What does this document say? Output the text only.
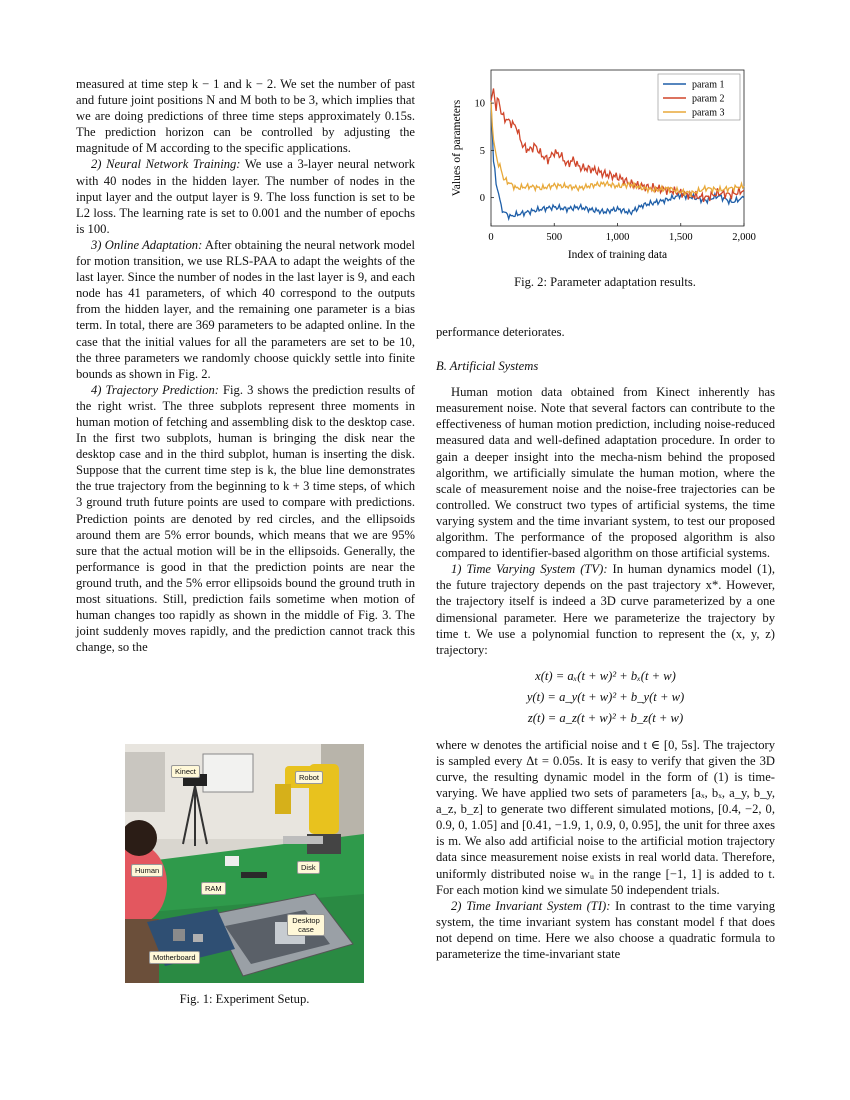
measured at time step k − 1 and k − 2. We set the number of past and future joint positions N and M both to be 3, which implies that we are doing predictions of three time steps approximately 0.15s. The prediction horizon can be controlled by adjusting the magnitude of M according to the specific applications.

2) Neural Network Training: We use a 3-layer neural network with 40 nodes in the hidden layer. The number of nodes in the input layer and the output layer is 9. The loss function is set to be L2 loss. The learning rate is set to 0.001 and the number of epochs is 100.

3) Online Adaptation: After obtaining the neural network model for motion transition, we use RLS-PAA to adapt the weights of the last layer. Since the number of nodes in the last layer is 9, and each node has 41 parameters, of which 40 correspond to the outputs from the hidden layer, and the remaining one parameter is a bias term. In total, there are 369 parameters to be adapted online. In the case that the initial values for all the parameters are set to be 10, the three parameters we randomly choose quickly settle into finite bounds as shown in Fig. 2.

4) Trajectory Prediction: Fig. 3 shows the prediction results of the right wrist. The three subplots represent three moments in human motion of fetching and assembling disk to the desktop case. In the first two subplots, human is bringing the disk near the desktop case and in the third subplot, human is inserting the disk. Suppose that the current time step is k, the blue line demonstrates the true trajectory from the beginning to k + 3 time steps, of which 3 ground truth future points are used to compare with predictions. Prediction points are denoted by red circles, and the ellipsoids around them are 5% error bounds, which means that we are 95% sure that the actual motion will be in the ellipsoids. Generally, the performance is good in that the prediction points are near the ground truth, and the 5% error ellipsoids bound the ground truth in most situations. Still, prediction fails sometime when motion of human changes too rapidly as shown in the middle of Fig. 3. The joint suddenly moves rapidly, and the prediction cannot track this change, so the

Kinect
Robot
Human	Disk
RAM
Desktop case
Motherboard
Fig. 1: Experiment Setup.
0	500	1,000	1,500	2,000
0
5
10
Index of training data
Values of parameters
param 1
param 2
param 3
Fig. 2: Parameter adaptation results.

performance deteriorates.

B. Artificial Systems

Human motion data obtained from Kinect inherently has measurement noise. Note that several factors can contribute to the effectiveness of human motion prediction, including noise-reduced measured data and well-defined adaptation procedure. In order to gain a deeper insight into the mecha-nism behind the proposed algorithm, we artificially simulate the human motion, where the scale of measurement noise and the noise-free trajectories can be controlled. We construct two types of artificial systems, the time varying system and the time invariant system, to test our proposed algorithm. The performance of the proposed algorithm is also compared to identifier-based algorithm on those artificial systems.

1) Time Varying System (TV): In human dynamics model (1), the future trajectory depends on the past trajectory x*. However, the trajectory itself is indeed a 3D curve parameterized by a one dimensional parameter. Here we parameterize the trajectory by time t. We use a polynomial function to represent the (x, y, z) trajectory:

x(t) = aₓ(t + w)² + bₓ(t + w)
y(t) = a_y(t + w)² + b_y(t + w)
z(t) = a_z(t + w)² + b_z(t + w)

where w denotes the artificial noise and t ∈ [0, 5s]. The trajectory is sampled every Δt = 0.05s. It is easy to verify that given the 3D curve, the resulting dynamic model in the form of (1) is time-varying. We have applied two sets of parameters [aₓ, bₓ, a_y, b_y, a_z, b_z] to generate two different simulated motions, [0.4, −2, 0, 0.9, 0, 1.05] and [0.41, −1.9, 1, 0.9, 0, 0.95], the unit for three axes is m. We also add artificial noise to the artificial motion trajectory data since measurement noise exists in real world data. Therefore, uniformly distributed noise wᵤ in the range [−1, 1] is added to t. For each motion kind we simulate 50 independent trials.

2) Time Invariant System (TI): In contrast to the time varying system, the time invariant system has constant model f that does not depend on time. Here we also choose a quadratic formula to parameterize the time-invariant state
